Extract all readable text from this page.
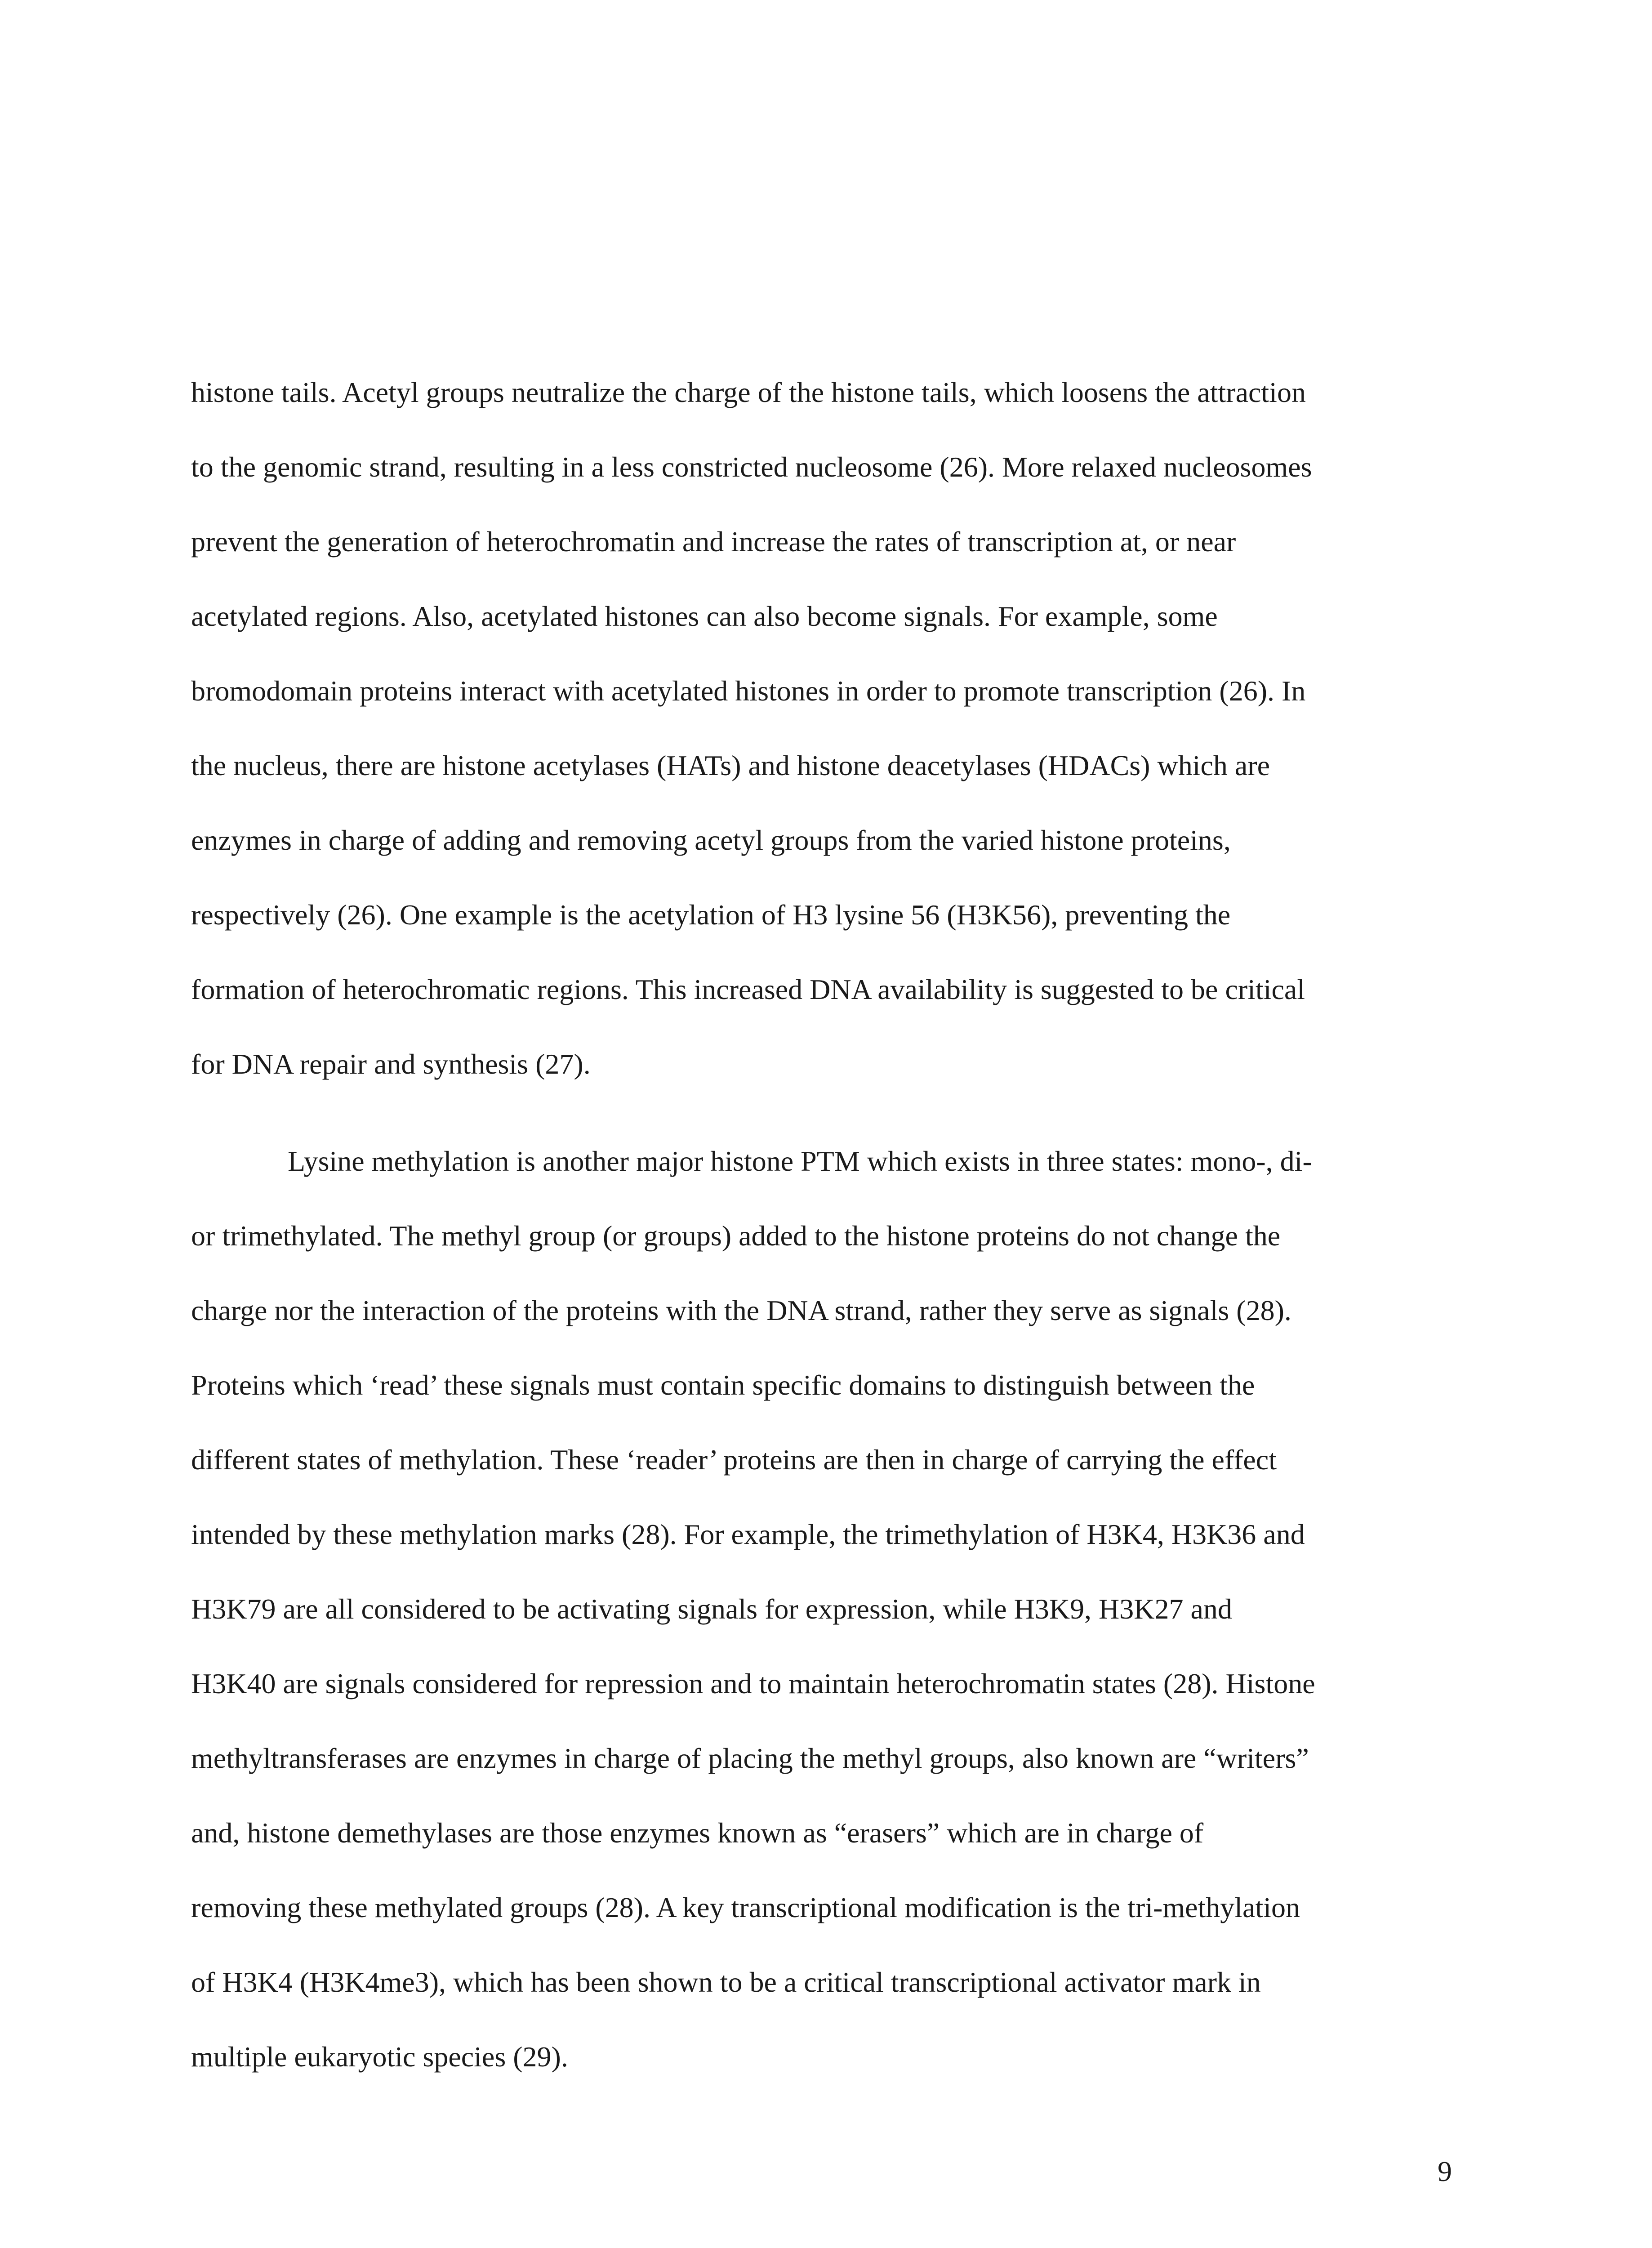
histone tails. Acetyl groups neutralize the charge of the histone tails, which loosens the attraction
to the genomic strand, resulting in a less constricted nucleosome (26). More relaxed nucleosomes
prevent the generation of heterochromatin and increase the rates of transcription at, or near
acetylated regions. Also, acetylated histones can also become signals. For example, some
bromodomain proteins interact with acetylated histones in order to promote transcription (26). In
the nucleus, there are histone acetylases (HATs) and histone deacetylases (HDACs) which are
enzymes in charge of adding and removing acetyl groups from the varied histone proteins,
respectively (26). One example is the acetylation of H3 lysine 56 (H3K56), preventing the
formation of heterochromatic regions. This increased DNA availability is suggested to be critical
for DNA repair and synthesis (27).

Lysine methylation is another major histone PTM which exists in three states: mono-, di-
or trimethylated. The methyl group (or groups) added to the histone proteins do not change the
charge nor the interaction of the proteins with the DNA strand, rather they serve as signals (28).
Proteins which ‘read’ these signals must contain specific domains to distinguish between the
different states of methylation. These ‘reader’ proteins are then in charge of carrying the effect
intended by these methylation marks (28). For example, the trimethylation of H3K4, H3K36 and
H3K79 are all considered to be activating signals for expression, while H3K9, H3K27 and
H3K40 are signals considered for repression and to maintain heterochromatin states (28). Histone
methyltransferases are enzymes in charge of placing the methyl groups, also known are “writers”
and, histone demethylases are those enzymes known as “erasers” which are in charge of
removing these methylated groups (28). A key transcriptional modification is the tri-methylation
of H3K4 (H3K4me3), which has been shown to be a critical transcriptional activator mark in
multiple eukaryotic species (29).

9
